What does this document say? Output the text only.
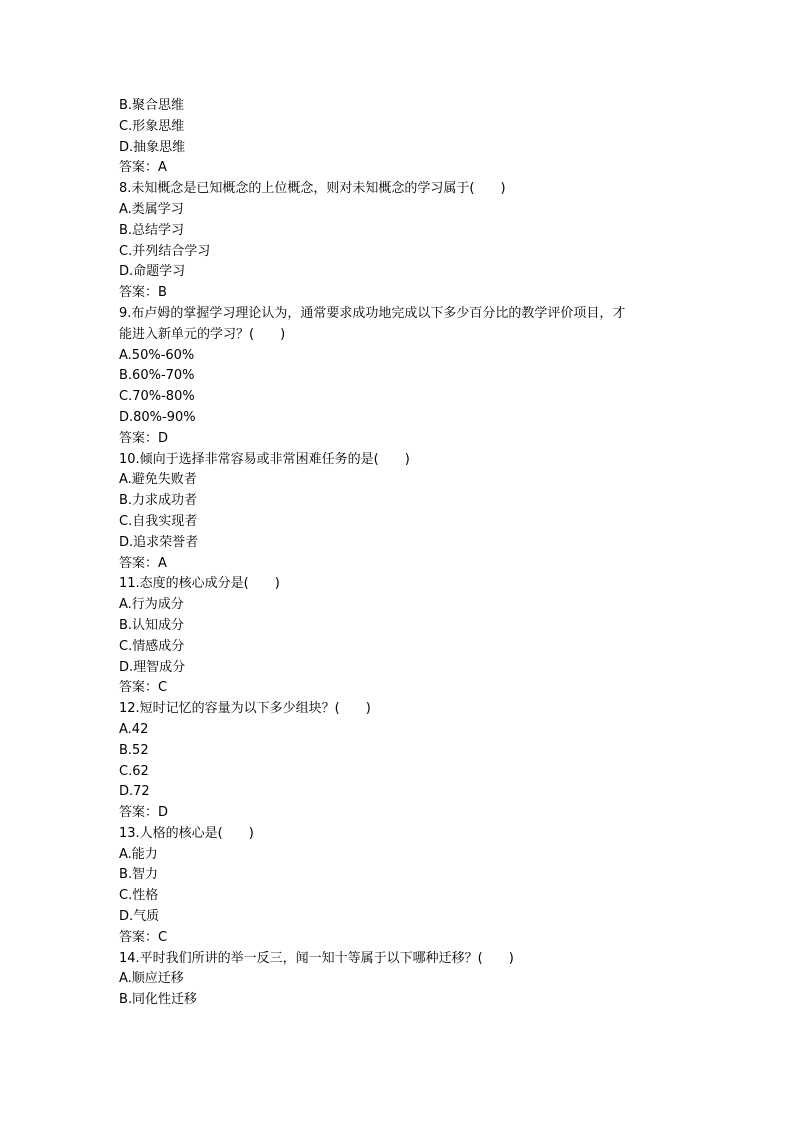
B.聚合思维
C.形象思维
D.抽象思维
答案：A
8.未知概念是已知概念的上位概念，则对未知概念的学习属于(　　)
A.类属学习
B.总结学习
C.并列结合学习
D.命题学习
答案：B
9.布卢姆的掌握学习理论认为，通常要求成功地完成以下多少百分比的教学评价项目，才
能进入新单元的学习？(　　)
A.50%-60%
B.60%-70%
C.70%-80%
D.80%-90%
答案：D
10.倾向于选择非常容易或非常困难任务的是(　　)
A.避免失败者
B.力求成功者
C.自我实现者
D.追求荣誉者
答案：A
11.态度的核心成分是(　　)
A.行为成分
B.认知成分
C.情感成分
D.理智成分
答案：C
12.短时记忆的容量为以下多少组块？(　　)
A.42
B.52
C.62
D.72
答案：D
13.人格的核心是(　　)
A.能力
B.智力
C.性格
D.气质
答案：C
14.平时我们所讲的举一反三，闻一知十等属于以下哪种迁移？(　　)
A.顺应迁移
B.同化性迁移
